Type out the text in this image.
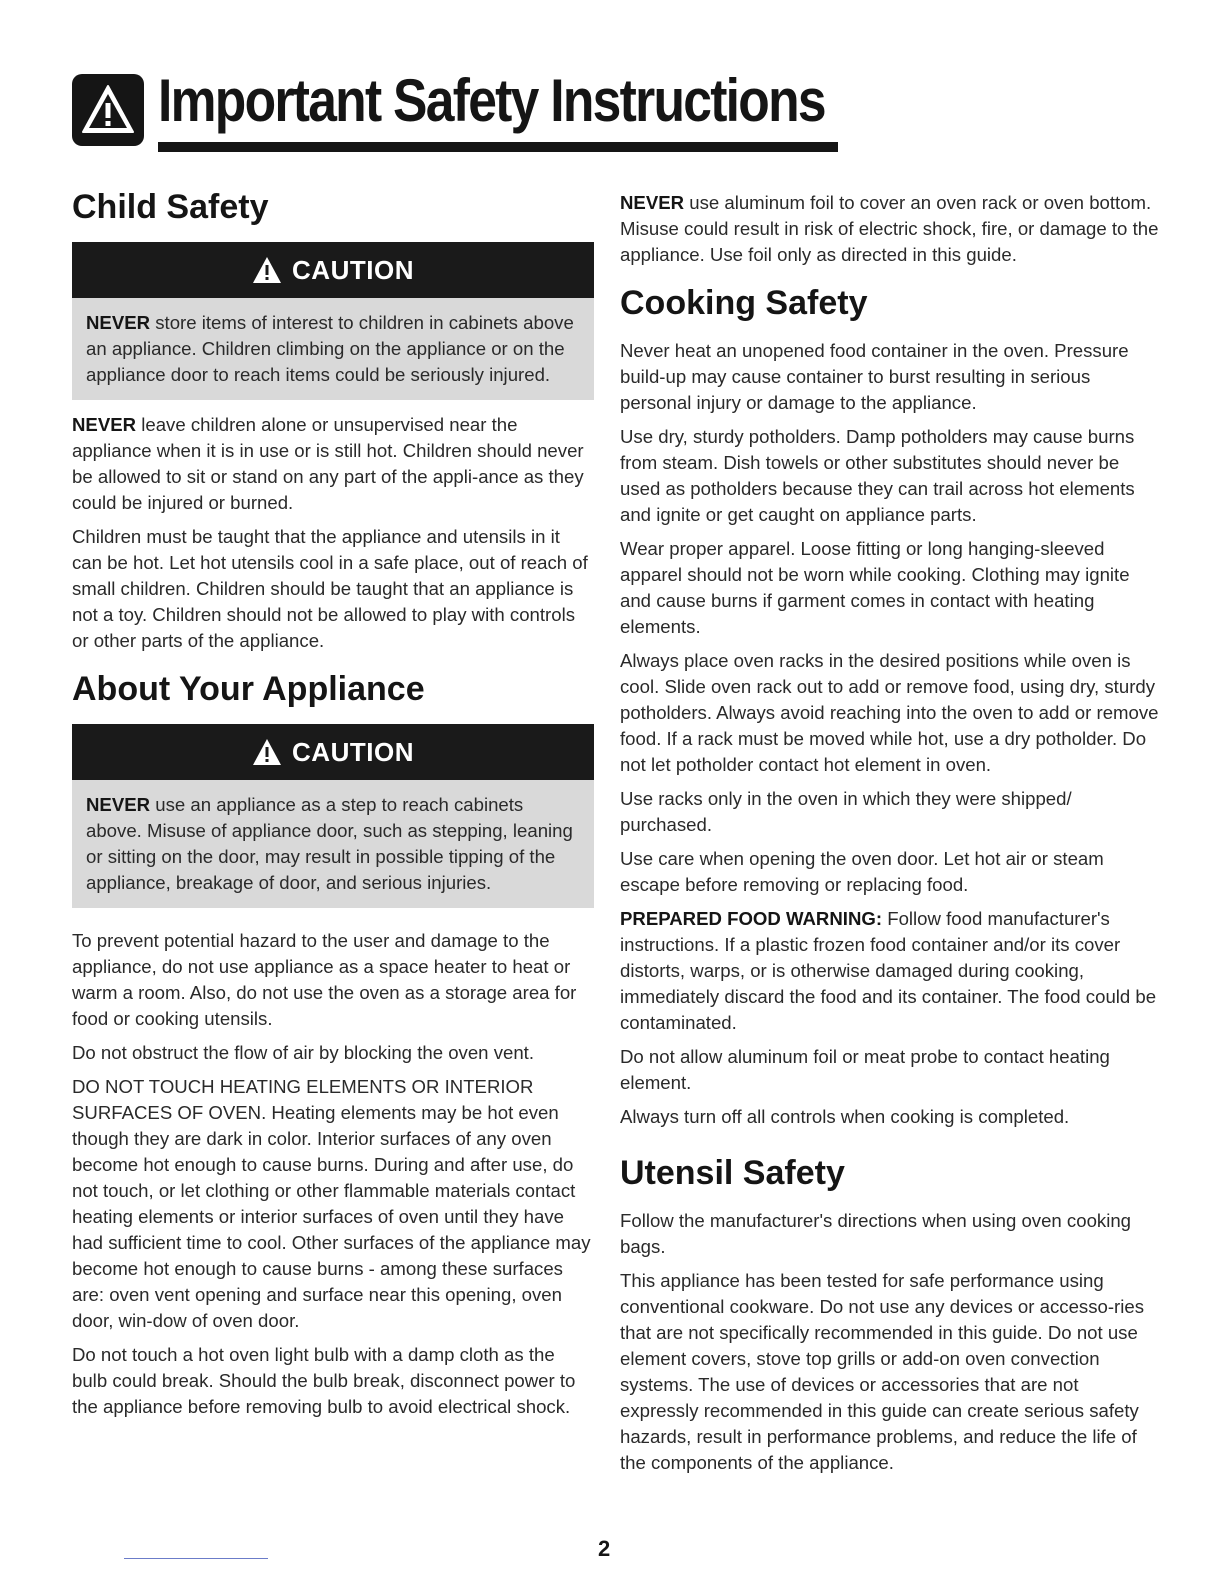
Important Safety Instructions
Child Safety
CAUTION

NEVER store items of interest to children in cabinets above an appliance. Children climbing on the appliance or on the appliance door to reach items could be seriously injured.

NEVER leave children alone or unsupervised near the appliance when it is in use or is still hot. Children should never be allowed to sit or stand on any part of the appli-ance as they could be injured or burned.

Children must be taught that the appliance and utensils in it can be hot. Let hot utensils cool in a safe place, out of reach of small children. Children should be taught that an appliance is not a toy. Children should not be allowed to play with controls or other parts of the appliance.

About Your Appliance
CAUTION

NEVER use an appliance as a step to reach cabinets above. Misuse of appliance door, such as stepping, leaning or sitting on the door, may result in possible tipping of the appliance, breakage of door, and serious injuries.

To prevent potential hazard to the user and damage to the appliance, do not use appliance as a space heater to heat or warm a room. Also, do not use the oven as a storage area for food or cooking utensils.

Do not obstruct the flow of air by blocking the oven vent.

DO NOT TOUCH HEATING ELEMENTS OR INTERIOR SURFACES OF OVEN. Heating elements may be hot even though they are dark in color. Interior surfaces of any oven become hot enough to cause burns. During and after use, do not touch, or let clothing or other flammable materials contact heating elements or interior surfaces of oven until they have had sufficient time to cool. Other surfaces of the appliance may become hot enough to cause burns - among these surfaces are: oven vent opening and surface near this opening, oven door, win-dow of oven door.

Do not touch a hot oven light bulb with a damp cloth as the bulb could break. Should the bulb break, disconnect power to the appliance before removing bulb to avoid electrical shock.

NEVER use aluminum foil to cover an oven rack or oven bottom. Misuse could result in risk of electric shock, fire, or damage to the appliance. Use foil only as directed in this guide.

Cooking Safety

Never heat an unopened food container in the oven. Pressure build-up may cause container to burst resulting in serious personal injury or damage to the appliance.

Use dry, sturdy potholders. Damp potholders may cause burns from steam. Dish towels or other substitutes should never be used as potholders because they can trail across hot elements and ignite or get caught on appliance parts.

Wear proper apparel. Loose fitting or long hanging-sleeved apparel should not be worn while cooking. Clothing may ignite and cause burns if garment comes in contact with heating elements.

Always place oven racks in the desired positions while oven is cool. Slide oven rack out to add or remove food, using dry, sturdy potholders. Always avoid reaching into the oven to add or remove food. If a rack must be moved while hot, use a dry potholder. Do not let potholder contact hot element in oven.

Use racks only in the oven in which they were shipped/ purchased.

Use care when opening the oven door. Let hot air or steam escape before removing or replacing food.

PREPARED FOOD WARNING: Follow food manufacturer's instructions. If a plastic frozen food container and/or its cover distorts, warps, or is otherwise damaged during cooking, immediately discard the food and its container. The food could be contaminated.

Do not allow aluminum foil or meat probe to contact heating element.

Always turn off all controls when cooking is completed.

Utensil Safety

Follow the manufacturer's directions when using oven cooking bags.

This appliance has been tested for safe performance using conventional cookware. Do not use any devices or accesso-ries that are not specifically recommended in this guide. Do not use element covers, stove top grills or add-on oven convection systems. The use of devices or accessories that are not expressly recommended in this guide can create serious safety hazards, result in performance problems, and reduce the life of the components of the appliance.

2
